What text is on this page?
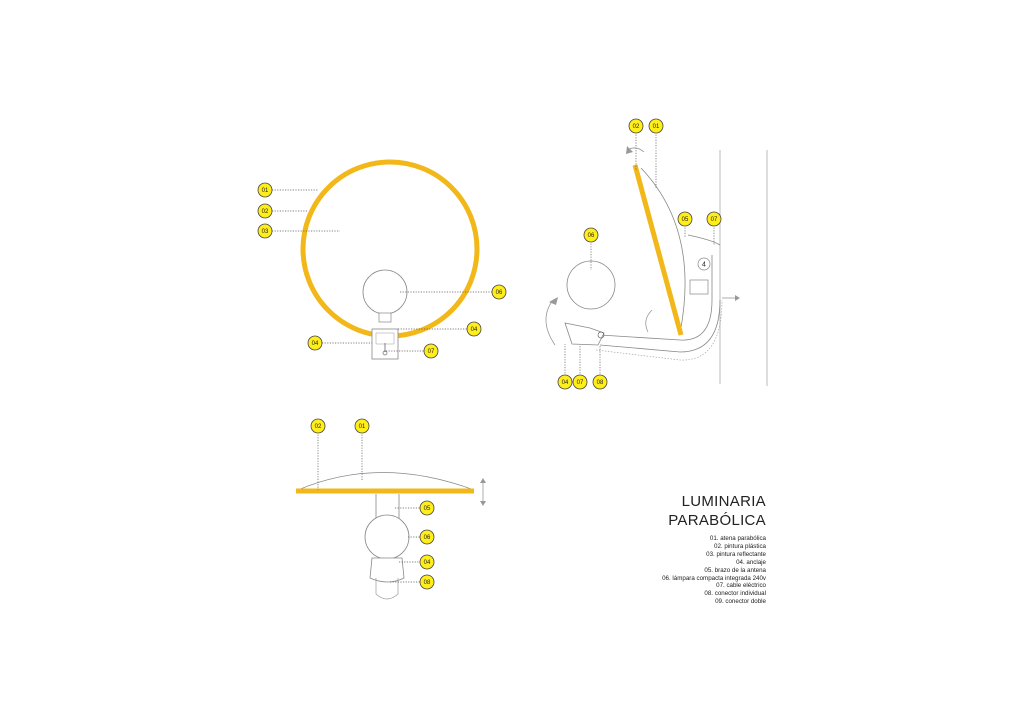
4
01
02
03
06
04
04
07
02 01
05	07
06
04 07 08
02	01
05
06
04
08
LUMINARIA
PARABÓLICA
01. atena parabólica
02. pintura plástica
03. pintura reflectante
04. anclaje
05. brazo de la antena
06. lámpara compacta integrada 240v
07. cable eléctrico
08. conector individual
09. conector doble
